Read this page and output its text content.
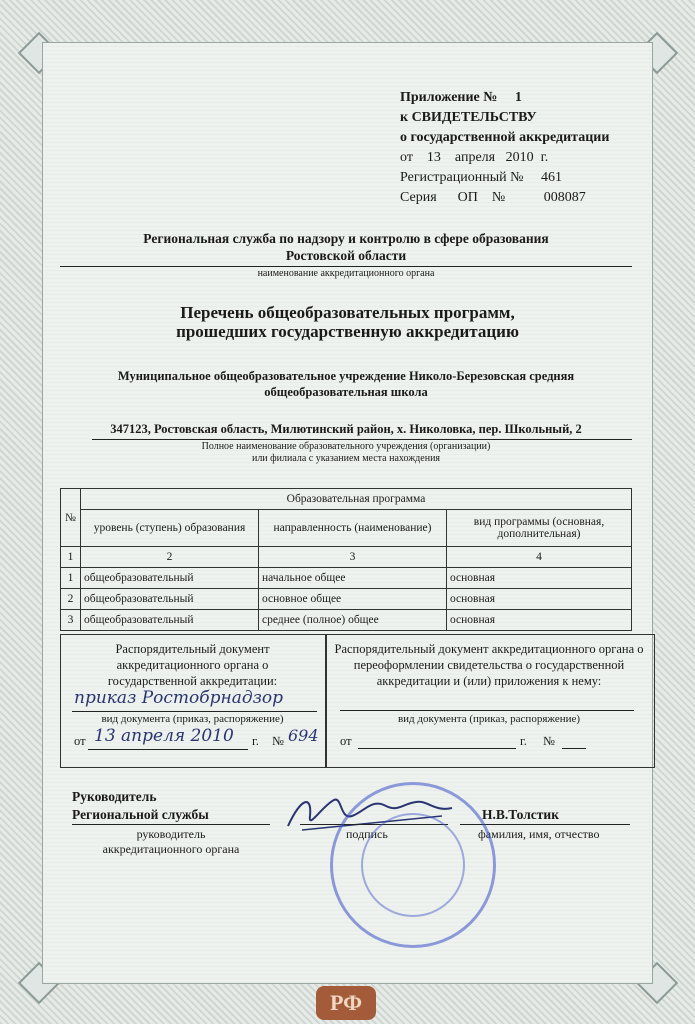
Приложение №     1
к СВИДЕТЕЛЬСТВУ
о государственной аккредитации
от    13    апреля   2010  г.
Регистрационный №     461
Серия      ОП    №           008087
Региональная служба по надзору и контролю в сфере образования
Ростовской области
наименование аккредитационного органа
Перечень общеобразовательных программ,
прошедших государственную аккредитацию
Муниципальное общеобразовательное учреждение Николо-Березовская средняя
общеобразовательная школа
347123, Ростовская область, Милютинский район, х. Николовка, пер. Школьный, 2
Полное наименование образовательного учреждения (организации)
или филиала с указанием места нахождения
№	Образовательная программа		
	уровень (ступень) образования	направленность (наименование)	вид программы (основная, дополнительная)
1	2	3	4
1	общеобразовательный	начальное общее	основная
2	общеобразовательный	основное общее	основная
3	общеобразовательный	среднее (полное) общее	основная
Распорядительный документ
аккредитационного органа о
государственной аккредитации:
приказ Ростобрнадзор
вид документа (приказ, распоряжение)
от 13 апреля 2010 г. № 694
Распорядительный документ аккредитационного органа о
переоформлении свидетельства о государственной
аккредитации и (или) приложения к нему:
вид документа (приказ, распоряжение)
от	г. №
Руководитель
Региональной службы
руководитель
аккредитационного органа
подпись
Н.В.Толстик
фамилия, имя, отчество
РФ
